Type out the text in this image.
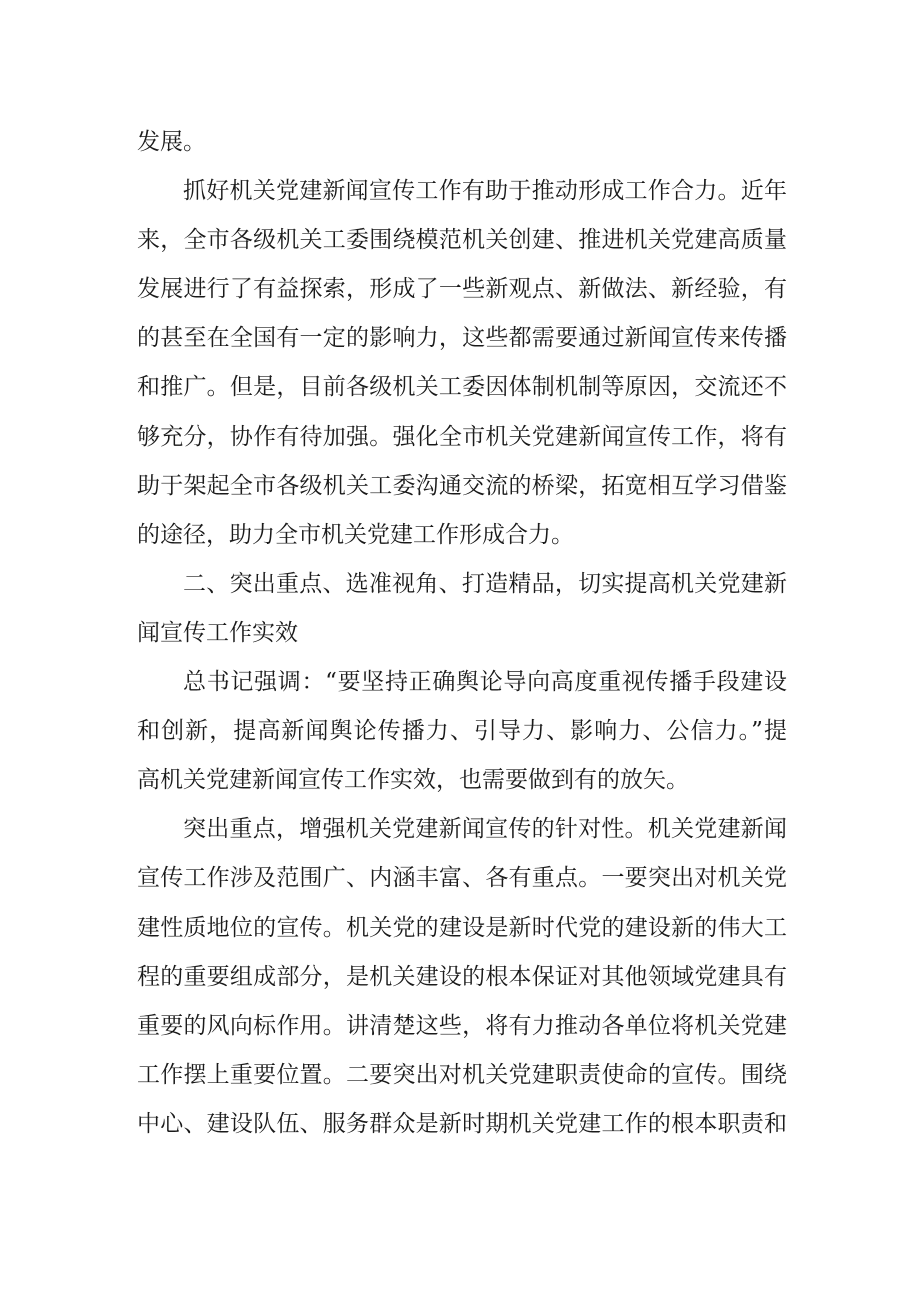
发展。
抓好机关党建新闻宣传工作有助于推动形成工作合力。近年
来，全市各级机关工委围绕模范机关创建、推进机关党建高质量
发展进行了有益探索，形成了一些新观点、新做法、新经验，有
的甚至在全国有一定的影响力，这些都需要通过新闻宣传来传播
和推广。但是，目前各级机关工委因体制机制等原因，交流还不
够充分，协作有待加强。强化全市机关党建新闻宣传工作，将有
助于架起全市各级机关工委沟通交流的桥梁，拓宽相互学习借鉴
的途径，助力全市机关党建工作形成合力。
二、突出重点、选准视角、打造精品，切实提高机关党建新
闻宣传工作实效
总书记强调：“要坚持正确舆论导向高度重视传播手段建设
和创新，提高新闻舆论传播力、引导力、影响力、公信力。”提
高机关党建新闻宣传工作实效，也需要做到有的放矢。
突出重点，增强机关党建新闻宣传的针对性。机关党建新闻
宣传工作涉及范围广、内涵丰富、各有重点。一要突出对机关党
建性质地位的宣传。机关党的建设是新时代党的建设新的伟大工
程的重要组成部分，是机关建设的根本保证对其他领域党建具有
重要的风向标作用。讲清楚这些，将有力推动各单位将机关党建
工作摆上重要位置。二要突出对机关党建职责使命的宣传。围绕
中心、建设队伍、服务群众是新时期机关党建工作的根本职责和
